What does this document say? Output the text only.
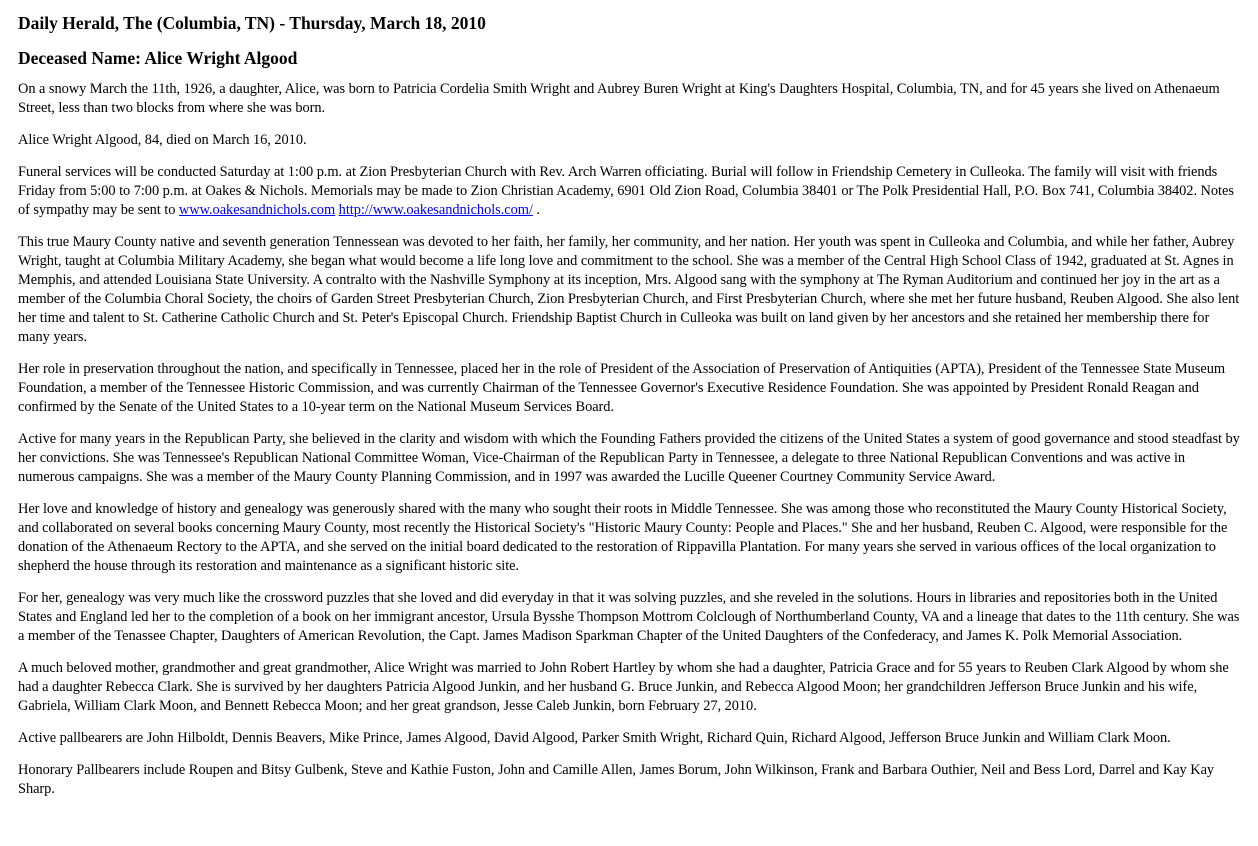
Daily Herald, The (Columbia, TN) - Thursday, March 18, 2010
Deceased Name: Alice Wright Algood

On a snowy March the 11th, 1926, a daughter, Alice, was born to Patricia Cordelia Smith Wright and Aubrey Buren Wright at King's Daughters Hospital, Columbia, TN, and for 45 years she lived on Athenaeum Street, less than two blocks from where she was born.

Alice Wright Algood, 84, died on March 16, 2010.

Funeral services will be conducted Saturday at 1:00 p.m. at Zion Presbyterian Church with Rev. Arch Warren officiating. Burial will follow in Friendship Cemetery in Culleoka. The family will visit with friends Friday from 5:00 to 7:00 p.m. at Oakes & Nichols. Memorials may be made to Zion Christian Academy, 6901 Old Zion Road, Columbia 38401 or The Polk Presidential Hall, P.O. Box 741, Columbia 38402. Notes of sympathy may be sent to www.oakesandnichols.com http://www.oakesandnichols.com/ .

This true Maury County native and seventh generation Tennessean was devoted to her faith, her family, her community, and her nation. Her youth was spent in Culleoka and Columbia, and while her father, Aubrey Wright, taught at Columbia Military Academy, she began what would become a life long love and commitment to the school. She was a member of the Central High School Class of 1942, graduated at St. Agnes in Memphis, and attended Louisiana State University. A contralto with the Nashville Symphony at its inception, Mrs. Algood sang with the symphony at The Ryman Auditorium and continued her joy in the art as a member of the Columbia Choral Society, the choirs of Garden Street Presbyterian Church, Zion Presbyterian Church, and First Presbyterian Church, where she met her future husband, Reuben Algood. She also lent her time and talent to St. Catherine Catholic Church and St. Peter's Episcopal Church. Friendship Baptist Church in Culleoka was built on land given by her ancestors and she retained her membership there for many years.

Her role in preservation throughout the nation, and specifically in Tennessee, placed her in the role of President of the Association of Preservation of Antiquities (APTA), President of the Tennessee State Museum Foundation, a member of the Tennessee Historic Commission, and was currently Chairman of the Tennessee Governor's Executive Residence Foundation. She was appointed by President Ronald Reagan and confirmed by the Senate of the United States to a 10-year term on the National Museum Services Board.

Active for many years in the Republican Party, she believed in the clarity and wisdom with which the Founding Fathers provided the citizens of the United States a system of good governance and stood steadfast by her convictions. She was Tennessee's Republican National Committee Woman, Vice-Chairman of the Republican Party in Tennessee, a delegate to three National Republican Conventions and was active in numerous campaigns. She was a member of the Maury County Planning Commission, and in 1997 was awarded the Lucille Queener Courtney Community Service Award.

Her love and knowledge of history and genealogy was generously shared with the many who sought their roots in Middle Tennessee. She was among those who reconstituted the Maury County Historical Society, and collaborated on several books concerning Maury County, most recently the Historical Society's "Historic Maury County: People and Places." She and her husband, Reuben C. Algood, were responsible for the donation of the Athenaeum Rectory to the APTA, and she served on the initial board dedicated to the restoration of Rippavilla Plantation. For many years she served in various offices of the local organization to shepherd the house through its restoration and maintenance as a significant historic site.

For her, genealogy was very much like the crossword puzzles that she loved and did everyday in that it was solving puzzles, and she reveled in the solutions. Hours in libraries and repositories both in the United States and England led her to the completion of a book on her immigrant ancestor, Ursula Bysshe Thompson Mottrom Colclough of Northumberland County, VA and a lineage that dates to the 11th century. She was a member of the Tenassee Chapter, Daughters of American Revolution, the Capt. James Madison Sparkman Chapter of the United Daughters of the Confederacy, and James K. Polk Memorial Association.

A much beloved mother, grandmother and great grandmother, Alice Wright was married to John Robert Hartley by whom she had a daughter, Patricia Grace and for 55 years to Reuben Clark Algood by whom she had a daughter Rebecca Clark. She is survived by her daughters Patricia Algood Junkin, and her husband G. Bruce Junkin, and Rebecca Algood Moon; her grandchildren Jefferson Bruce Junkin and his wife, Gabriela, William Clark Moon, and Bennett Rebecca Moon; and her great grandson, Jesse Caleb Junkin, born February 27, 2010.

Active pallbearers are John Hilboldt, Dennis Beavers, Mike Prince, James Algood, David Algood, Parker Smith Wright, Richard Quin, Richard Algood, Jefferson Bruce Junkin and William Clark Moon.

Honorary Pallbearers include Roupen and Bitsy Gulbenk, Steve and Kathie Fuston, John and Camille Allen, James Borum, John Wilkinson, Frank and Barbara Outhier, Neil and Bess Lord, Darrel and Kay Kay Sharp.
